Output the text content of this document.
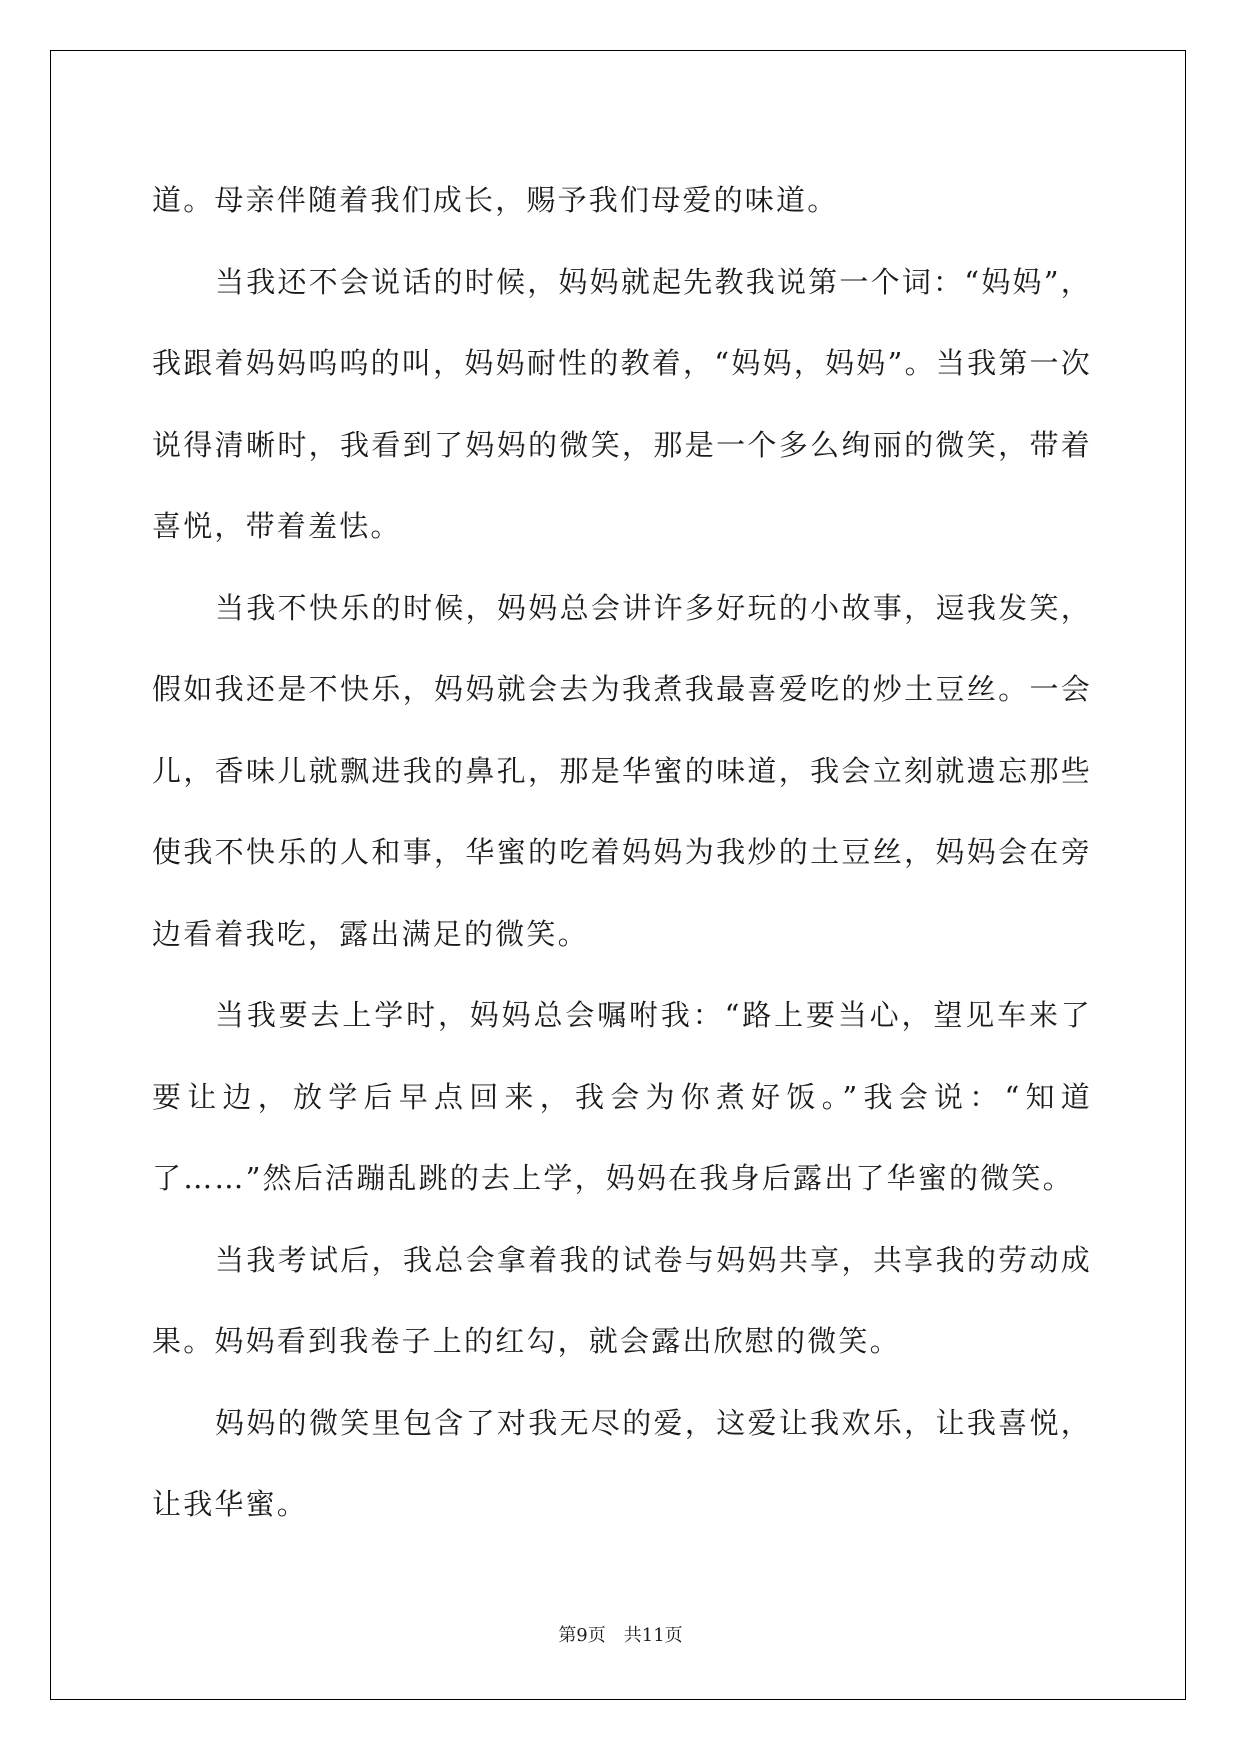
道。母亲伴随着我们成长，赐予我们母爱的味道。

当我还不会说话的时候，妈妈就起先教我说第一个词：“妈妈”，我跟着妈妈呜呜的叫，妈妈耐性的教着，“妈妈，妈妈”。当我第一次说得清晰时，我看到了妈妈的微笑，那是一个多么绚丽的微笑，带着喜悦，带着羞怯。

当我不快乐的时候，妈妈总会讲许多好玩的小故事，逗我发笑，假如我还是不快乐，妈妈就会去为我煮我最喜爱吃的炒土豆丝。一会儿，香味儿就飘进我的鼻孔，那是华蜜的味道，我会立刻就遗忘那些使我不快乐的人和事，华蜜的吃着妈妈为我炒的土豆丝，妈妈会在旁边看着我吃，露出满足的微笑。

当我要去上学时，妈妈总会嘱咐我：“路上要当心，望见车来了要让边，放学后早点回来，我会为你煮好饭。”我会说：“知道了……”然后活蹦乱跳的去上学，妈妈在我身后露出了华蜜的微笑。

当我考试后，我总会拿着我的试卷与妈妈共享，共享我的劳动成果。妈妈看到我卷子上的红勾，就会露出欣慰的微笑。

妈妈的微笑里包含了对我无尽的爱，这爱让我欢乐，让我喜悦，让我华蜜。

第9页 共11页
